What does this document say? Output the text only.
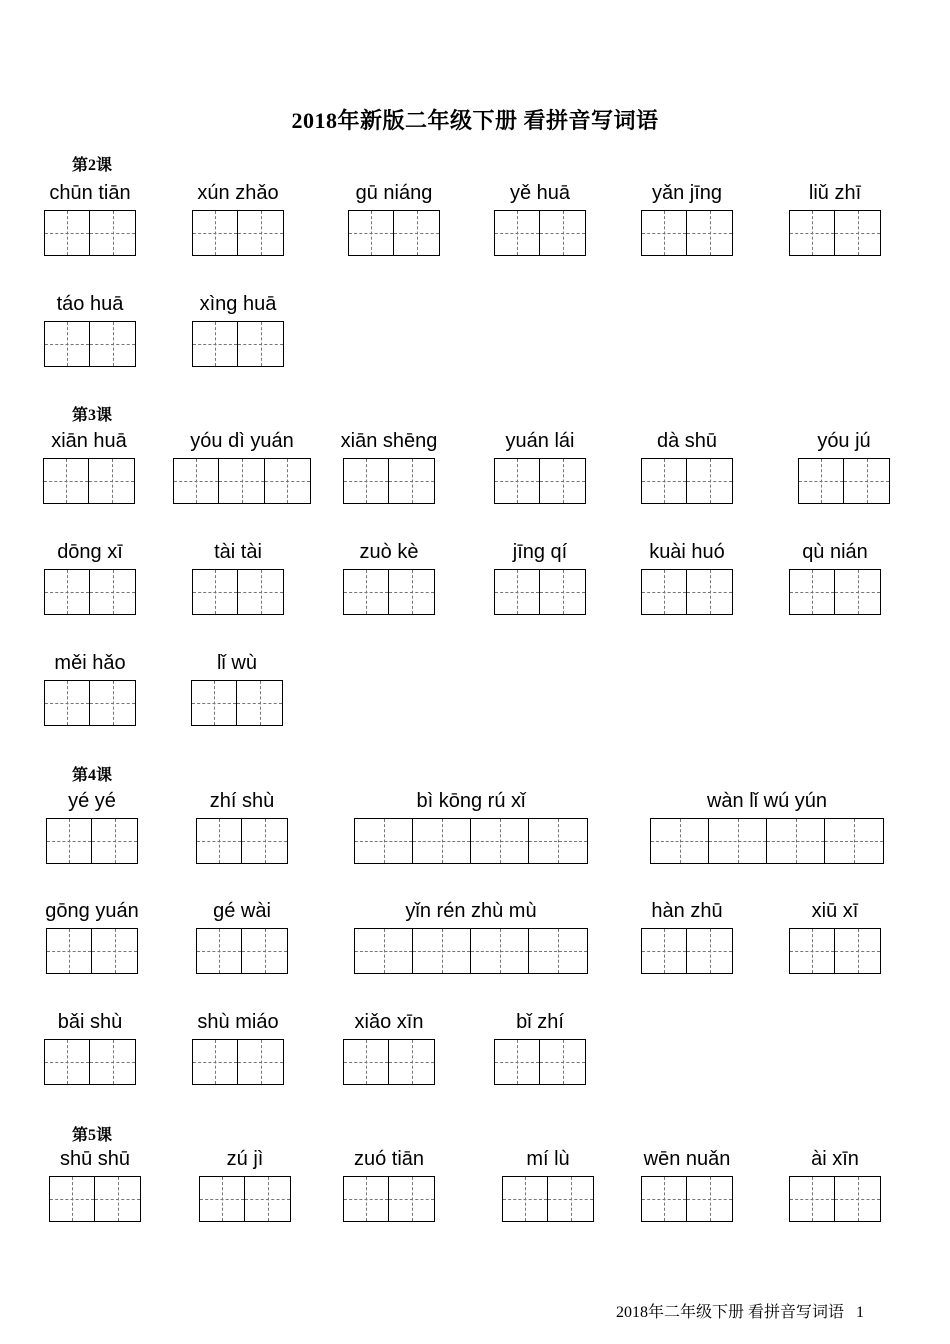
2018年新版二年级下册 看拼音写词语
2018年二年级下册 看拼音写词语 1
第2课
chūn tiān	xún zhǎo	gū niáng	yě huā	yǎn jīng	liǔ zhī
táo huā	xìng huā
第3课
xiān huā	yóu dì yuán	xiān shēng	yuán lái	dà shū	yóu jú
dōng xī	tài tài	zuò kè	jīng qí	kuài huó	qù nián
měi hǎo	lǐ wù
第4课
yé yé	zhí shù	bì kōng rú xǐ	wàn lǐ wú yún
gōng yuán	gé wài	yǐn rén zhù mù	hàn zhū	xiū xī
bǎi shù	shù miáo	xiǎo xīn	bǐ zhí
第5课
shū shū	zú jì	zuó tiān	mí lù	wēn nuǎn	ài xīn
